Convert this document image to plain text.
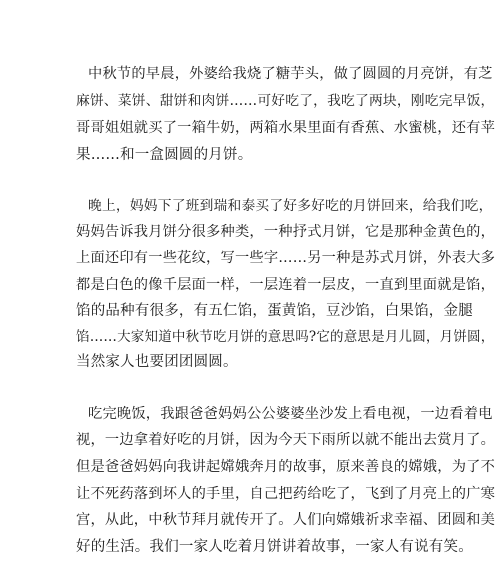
中秋节的早晨，外婆给我烧了糖芋头，做了圆圆的月亮饼，有芝
麻饼、菜饼、甜饼和肉饼……可好吃了，我吃了两块，刚吃完早饭，
哥哥姐姐就买了一箱牛奶，两箱水果里面有香蕉、水蜜桃，还有苹
果……和一盒圆圆的月饼。
晚上，妈妈下了班到瑞和泰买了好多好吃的月饼回来，给我们吃，
妈妈告诉我月饼分很多种类，一种抒式月饼，它是那种金黄色的，
上面还印有一些花纹，写一些字……另一种是苏式月饼，外表大多
都是白色的像千层面一样，一层连着一层皮，一直到里面就是馅，
馅的品种有很多，有五仁馅，蛋黄馅，豆沙馅，白果馅，金腿
馅……大家知道中秋节吃月饼的意思吗?它的意思是月儿圆，月饼圆，
当然家人也要团团圆圆。
吃完晚饭，我跟爸爸妈妈公公婆婆坐沙发上看电视，一边看着电
视，一边拿着好吃的月饼，因为今天下雨所以就不能出去赏月了。
但是爸爸妈妈向我讲起嫦娥奔月的故事，原来善良的嫦娥，为了不
让不死药落到坏人的手里，自己把药给吃了，飞到了月亮上的广寒
宫，从此，中秋节拜月就传开了。人们向嫦娥祈求幸福、团圆和美
好的生活。我们一家人吃着月饼讲着故事，一家人有说有笑。
